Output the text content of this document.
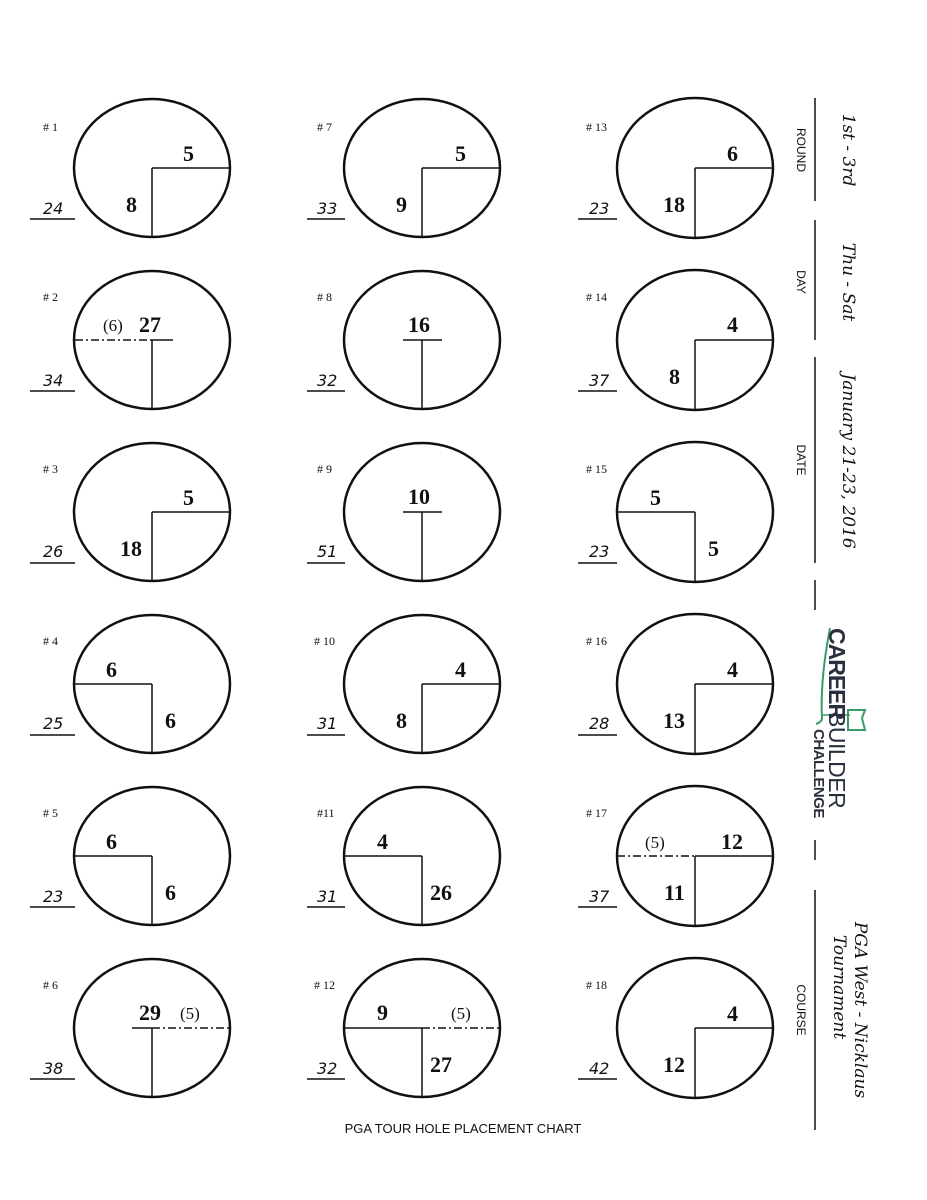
# 1
24
5
8
# 2
34
(6) 27
# 3
26
5
18
# 4
25
6
6
# 5
23
6
6
# 6
38
29 (5)
# 7
33
5
9
# 8
32
16
# 9
51
10
# 10
31
4
8
#11
31
4
26
# 12
32
9	(5)
27
# 13
23
6
18
# 14
37
4
8
# 15
23
5
5
# 16
28
4
13
# 17
37
(5)	12
11
# 18
42
4
12
PGA TOUR HOLE PLACEMENT CHART
ROUND 1st - 3rd
DAY Thu - Sat
DATE January 21-23, 2016
CAREER
BUILDER
CHALLENGE
COURSE PGA West - Nicklaus
Tournament
